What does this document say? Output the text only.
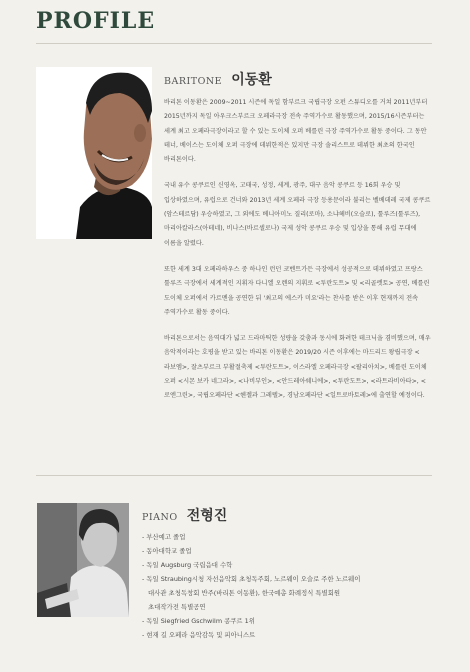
PROFILE
BARITONE 이동환

바리톤 이동환은 2009~2011 시즌에 독일 함부르크 국립극장 오펀 스튜디오를 거쳐 2011년부터 2015년까지 독일 아우크스부르크 오페라극장 전속 주역가수로 활동했으며, 2015/16시즌부터는 세계 최고 오페라극장이라고 할 수 있는 도이체 오퍼 베를린 극장 주역가수로 활동 중이다. 그 동안 테너, 베이스는 도이체 오퍼 극장에 데뷔한적은 있지만 극장 솔리스트로 데뷔한 최초의 한국인 바리톤이다.

국내 유수 콩쿠르인 신영옥, 고태국, 성정, 세계, 광주, 대구 음악 콩쿠르 등 16회 우승 및 입상하였으며, 유럽으로 건너와 2013년 세계 오페라 극장 등용문이라 불리는 벨베데레 국제 콩쿠르(암스테르담) 우승하였고, 그 외에도 베니아미노 질리(로마), 소냐헤비(오슬로), 툴루즈(툴루즈), 마리아칼라스(아테네), 비나스(바르셀로나) 국제 성악 콩쿠르 우승 및 입상을 통해 유럽 무대에 이름을 알렸다.

또한 세계 3대 오페라하우스 중 하나인 런던 코벤트가든 극장에서 성공적으로 데뷔하였고 프랑스 툴루즈 극장에서 세계적인 지휘자 다니엘 오렌의 지휘로 <투란도트> 및 <리골렛토> 공연, 베를린 도이체 오퍼에서 카르멘을 공연한 뒤 '최고의 에스카 미요'라는 찬사를 받은 이후 현재까지 전속 주역가수로 활동 중이다.

바리톤으로서는 음역대가 넓고 드라마틱한 성량을 갖춤과 동시에 화려한 테크닉을 겸비했으며, 매우 음악적이라는 호평을 받고 있는 바리톤 이동환은 2019/20 시즌 이후에는 마드리드 왕립극장 <라보엠>, 잘츠부르크 부활절축제 <투란도트>, 이스라엘 오페라극장 <팔리아치>, 베를린 도이체 오퍼 <시몬 보카 네그라>, <나비부인>, <안드레아쉐니에>, <투란도트>, <라트라비아타>, <로엔그린>, 국립오페라단 <헨젤과 그레텔>, 경남오페라단 <일트로바토레>에 출연할 예정이다.

PIANO 전형진
- 부산예고 졸업
- 동아대학교 졸업
- 독일 Augsburg 국립음대 수학
- 독일 Straubing시청 자선음악회 초청독주회, 노르웨이 오슬로 주한 노르웨이
대사관 초청독창회 반주(바리톤 이동환), 한국예총 화례정식 특별회원
초대작가전 특별공연
- 독일 Siegfried Gschwilm 콩쿠르 1위
- 현재 길 오페라 음악감독 및 피아니스트
